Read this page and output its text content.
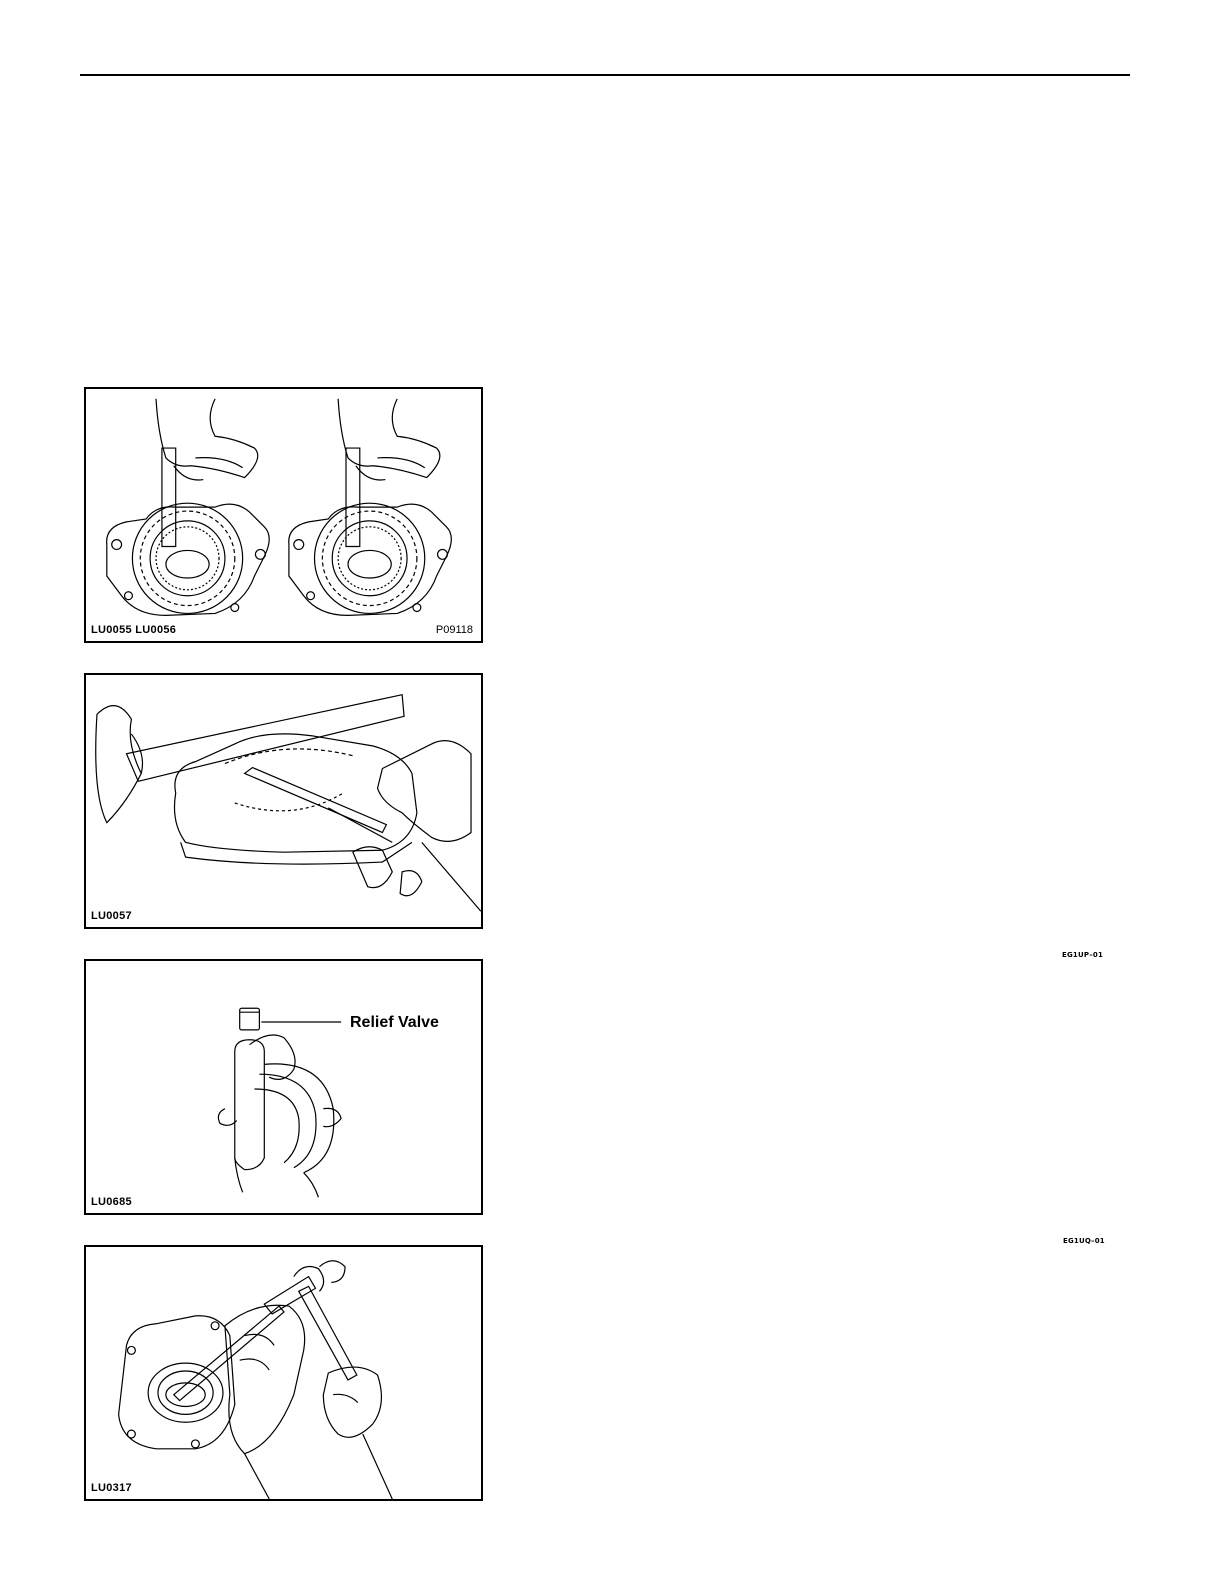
LU0055 LU0056	P09118
LU0057
Relief Valve
LU0685
LU0317
EG1UP–01
EG1UQ–01
